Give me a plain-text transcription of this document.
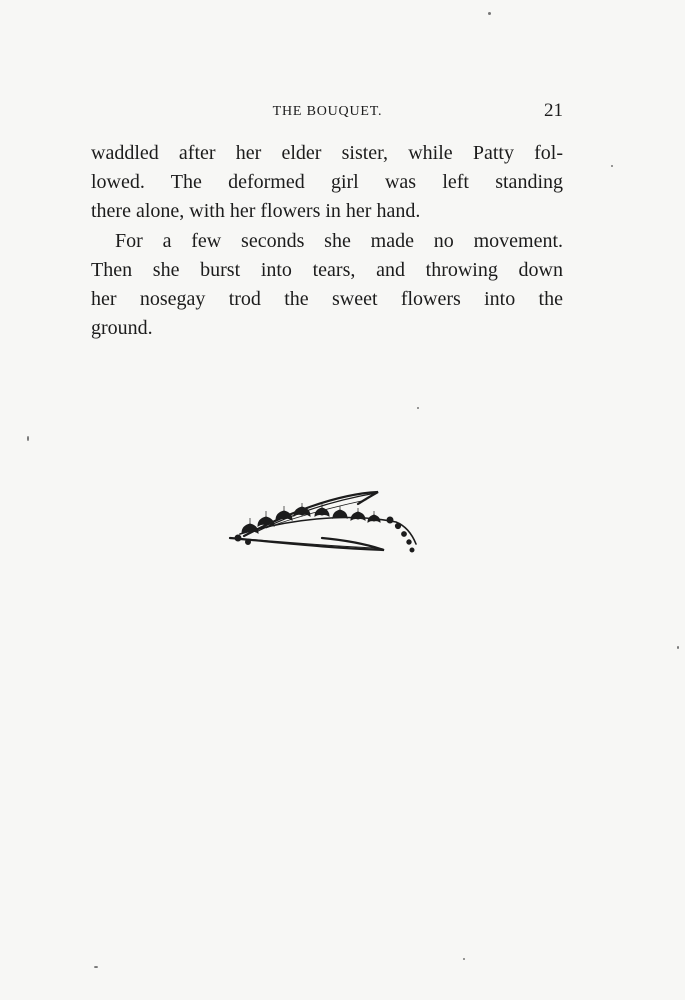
THE BOUQUET.	21

waddled after her elder sister, while Patty fol-
lowed. The deformed girl was left standing
there alone, with her flowers in her hand.

For a few seconds she made no movement.
Then she burst into tears, and throwing down
her nosegay trod the sweet flowers into the
ground.
